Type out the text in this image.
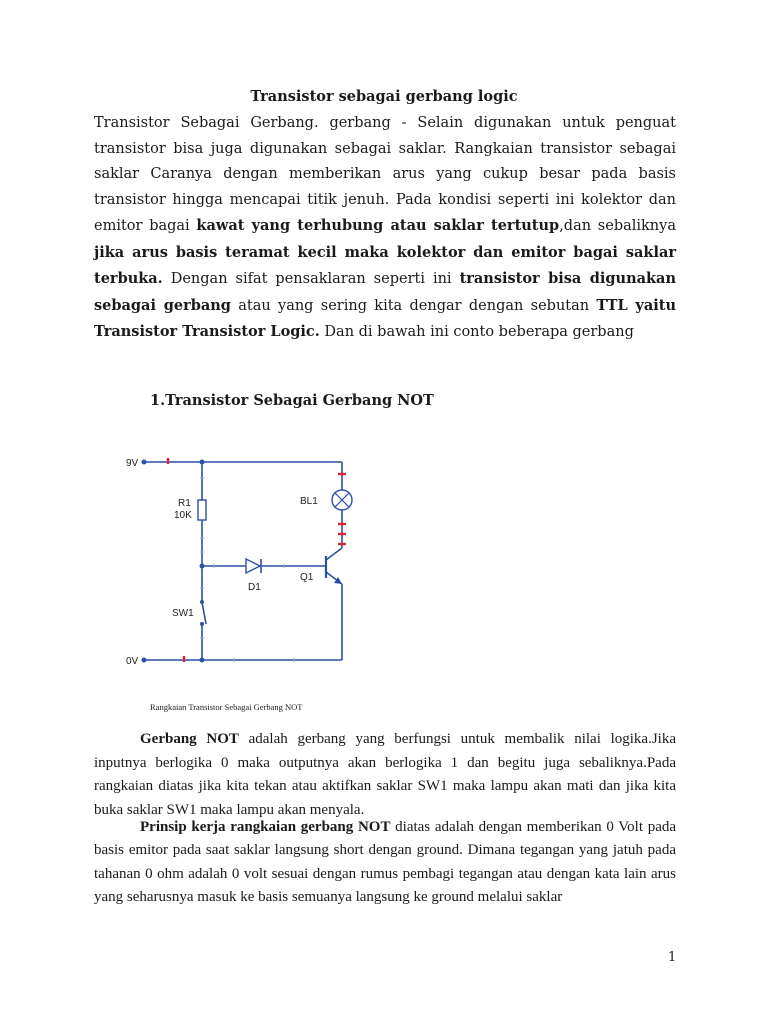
Transistor sebagai gerbang logic
Transistor Sebagai Gerbang. gerbang - Selain digunakan untuk penguat transistor bisa juga digunakan sebagai saklar. Rangkaian transistor sebagai saklar Caranya dengan memberikan arus yang cukup besar pada basis transistor hingga mencapai titik jenuh. Pada kondisi seperti ini kolektor dan emitor bagai kawat yang terhubung atau saklar tertutup,dan sebaliknya jika arus basis teramat kecil maka kolektor dan emitor bagai saklar terbuka. Dengan sifat pensaklaran seperti ini transistor bisa digunakan sebagai gerbang atau yang sering kita dengar dengan sebutan TTL yaitu Transistor Transistor Logic. Dan di bawah ini conto beberapa gerbang
1.Transistor Sebagai Gerbang NOT
9V
0V
R1
10K
BL1
D1
Q1
SW1
Rangkaian Transistor Sebagai Gerbang NOT
Gerbang NOT adalah gerbang yang berfungsi untuk membalik nilai logika.Jika inputnya berlogika 0 maka outputnya akan berlogika 1 dan begitu juga sebaliknya.Pada rangkaian diatas jika kita tekan atau aktifkan saklar SW1 maka lampu akan mati dan jika kita buka saklar SW1 maka lampu akan menyala.
Prinsip kerja rangkaian gerbang NOT diatas adalah dengan memberikan 0 Volt pada basis emitor pada saat saklar langsung short dengan ground. Dimana tegangan yang jatuh pada tahanan 0 ohm adalah 0 volt sesuai dengan rumus pembagi tegangan atau dengan kata lain arus yang seharusnya masuk ke basis semuanya langsung ke ground melalui saklar
1
